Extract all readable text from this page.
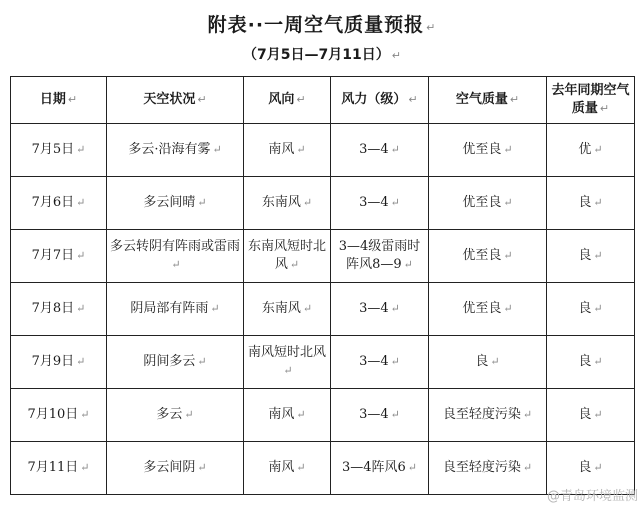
附表··一周空气质量预报 ↵
（7月5日—7月11日） ↵
日期 ↵	天空状况 ↵	风向 ↵	风力（级） ↵	空气质量 ↵	去年同期空气质量 ↵
7月5日 ↵	多云·沿海有雾 ↵	南风 ↵	3—4 ↵	优至良 ↵	优 ↵
7月6日 ↵	多云间晴 ↵	东南风 ↵	3—4 ↵	优至良 ↵	良 ↵
7月7日 ↵	多云转阴有阵雨或雷雨↵	东南风短时北风 ↵	3—4级雷雨时阵风8—9 ↵	优至良 ↵	良 ↵
7月8日 ↵	阴局部有阵雨 ↵	东南风 ↵	3—4 ↵	优至良 ↵	良 ↵
7月9日 ↵	阴间多云 ↵	南风短时北风↵	3—4 ↵	良 ↵	良 ↵
7月10日 ↵	多云 ↵	南风 ↵	3—4 ↵	良至轻度污染 ↵	良 ↵
7月11日 ↵	多云间阴 ↵	南风 ↵	3—4阵风6 ↵	良至轻度污染 ↵	良 ↵
@青岛环境监测
